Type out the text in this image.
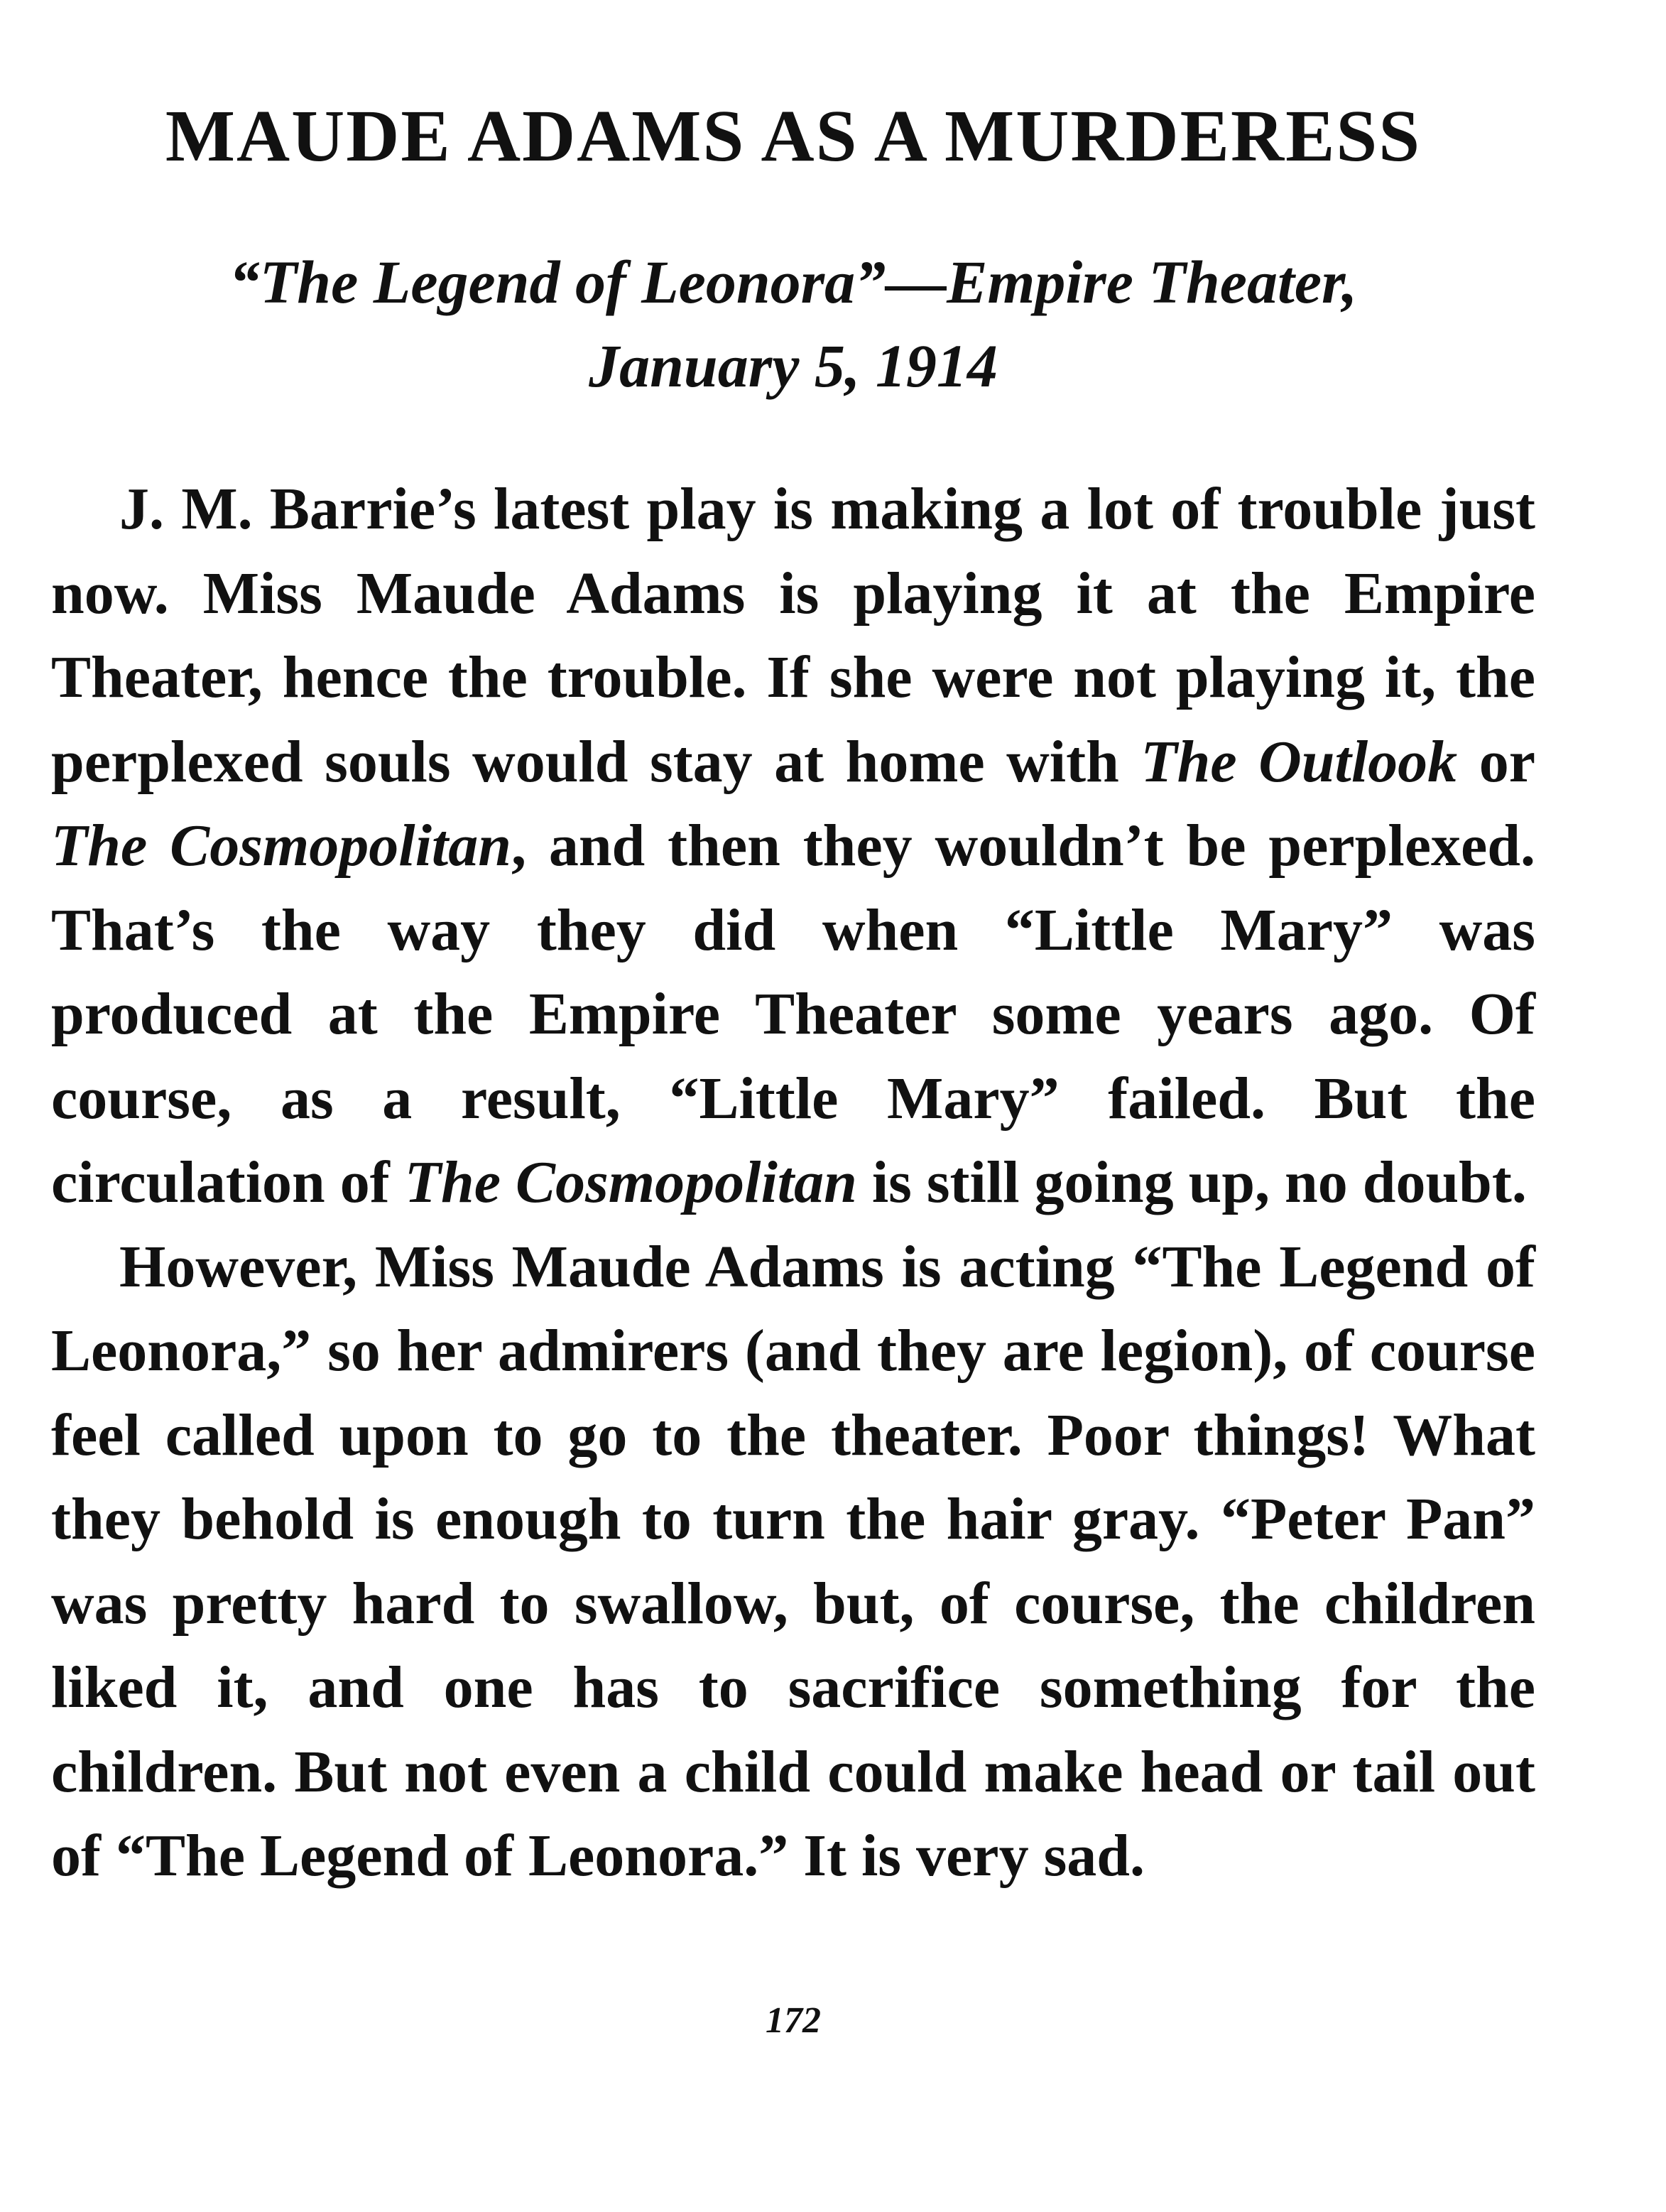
MAUDE ADAMS AS A MURDERESS
“The Legend of Leonora”—Empire Theater,
January 5, 1914

J. M. Barrie’s latest play is making a lot of trouble just now. Miss Maude Adams is playing it at the Empire Theater, hence the trouble. If she were not playing it, the perplexed souls would stay at home with The Outlook or The Cosmopolitan, and then they wouldn’t be perplexed. That’s the way they did when “Little Mary” was produced at the Empire Theater some years ago. Of course, as a result, “Little Mary” failed. But the circulation of The Cosmopolitan is still going up, no doubt.

However, Miss Maude Adams is acting “The Legend of Leonora,” so her admirers (and they are legion), of course feel called upon to go to the theater. Poor things! What they behold is enough to turn the hair gray. “Peter Pan” was pretty hard to swallow, but, of course, the children liked it, and one has to sacrifice something for the children. But not even a child could make head or tail out of “The Legend of Leonora.” It is very sad.

172
